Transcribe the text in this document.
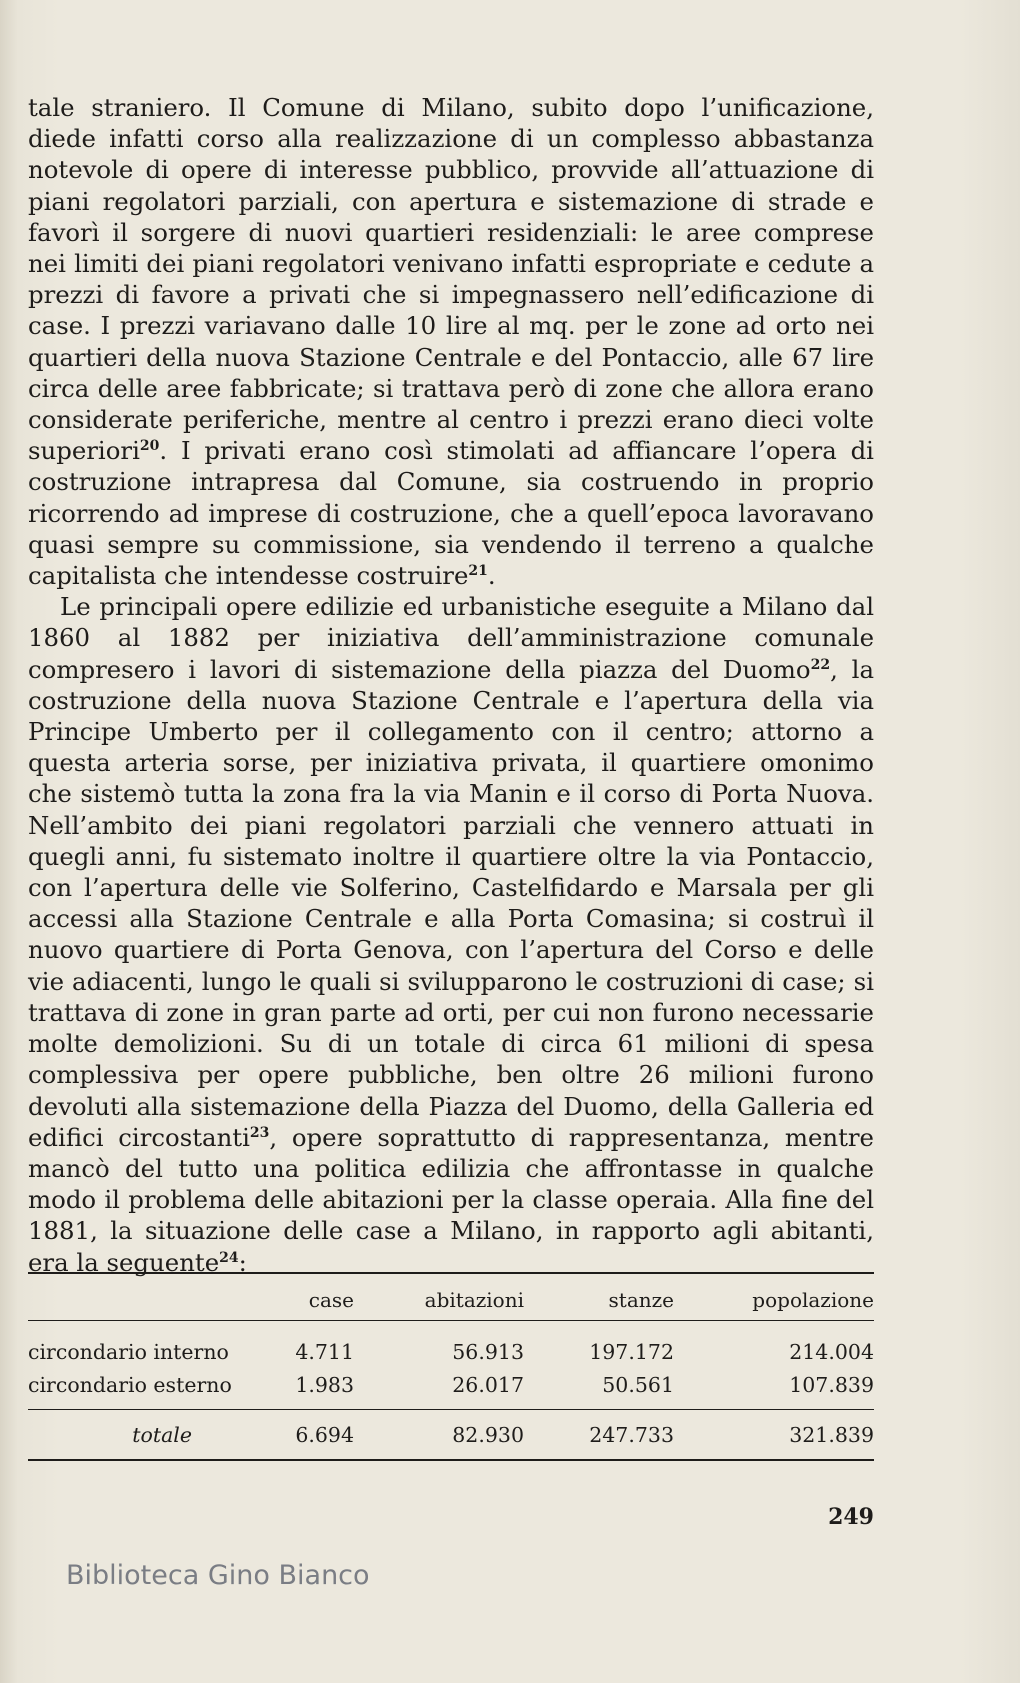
tale straniero. Il Comune di Milano, subito dopo l’unificazione, diede infatti corso alla realizzazione di un complesso abbastanza notevole di opere di interesse pubblico, provvide all’attuazione di piani regolatori parziali, con apertura e sistemazione di strade e favorì il sorgere di nuovi quartieri residenziali: le aree comprese nei limiti dei piani regolatori venivano infatti espropriate e cedute a prezzi di favore a privati che si impegnassero nell’edificazione di case. I prezzi variavano dalle 10 lire al mq. per le zone ad orto nei quartieri della nuova Stazione Centrale e del Pontaccio, alle 67 lire circa delle aree fabbricate; si trattava però di zone che allora erano considerate periferiche, mentre al centro i prezzi erano dieci volte superiori$^{20}$. I privati erano così stimolati ad affiancare l’opera di costruzione intrapresa dal Comune, sia costruendo in proprio ricorrendo ad imprese di costruzione, che a quell’epoca lavoravano quasi sempre su commissione, sia vendendo il terreno a qualche capitalista che intendesse costruire$^{21}$.

Le principali opere edilizie ed urbanistiche eseguite a Milano dal 1860 al 1882 per iniziativa dell’amministrazione comunale compresero i lavori di sistemazione della piazza del Duomo$^{22}$, la costruzione della nuova Stazione Centrale e l’apertura della via Principe Umberto per il collegamento con il centro; attorno a questa arteria sorse, per iniziativa privata, il quartiere omonimo che sistemò tutta la zona fra la via Manin e il corso di Porta Nuova. Nell’ambito dei piani regolatori parziali che vennero attuati in quegli anni, fu sistemato inoltre il quartiere oltre la via Pontaccio, con l’apertura delle vie Solferino, Castelfidardo e Marsala per gli accessi alla Stazione Centrale e alla Porta Comasina; si costruì il nuovo quartiere di Porta Genova, con l’apertura del Corso e delle vie adiacenti, lungo le quali si svilupparono le costruzioni di case; si trattava di zone in gran parte ad orti, per cui non furono necessarie molte demolizioni. Su di un totale di circa 61 milioni di spesa complessiva per opere pubbliche, ben oltre 26 milioni furono devoluti alla sistemazione della Piazza del Duomo, della Galleria ed edifici circostanti$^{23}$, opere soprattutto di rappresentanza, mentre mancò del tutto una politica edilizia che affrontasse in qualche modo il problema delle abitazioni per la classe operaia. Alla fine del 1881, la situazione delle case a Milano, in rapporto agli abitanti, era la seguente$^{24}$:

	case	abitazioni	stanze	popolazione

circondario interno	4.711	56.913	197.172	214.004
circondario esterno	1.983	26.017	50.561	107.839

totale	6.694	82.930	247.733	321.839

249
Biblioteca Gino Bianco
